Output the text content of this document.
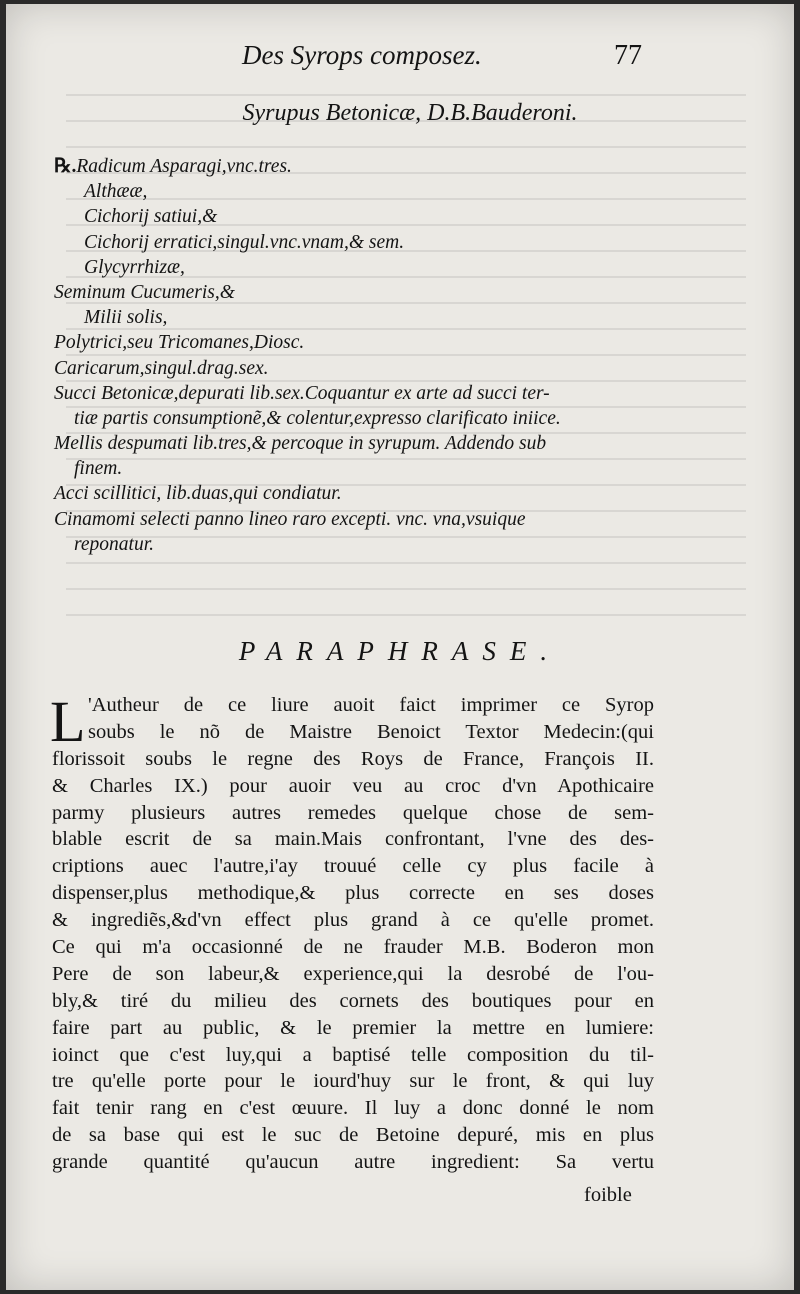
Des Syrops composez.	77
Syrupus Betonicæ, D.B.Bauderoni.
℞.Radicum Asparagi,vnc.tres.
Althææ,
Cichorij satiui,&
Cichorij erratici,singul.vnc.vnam,& sem.
Glycyrrhizæ,
Seminum Cucumeris,&
Milii solis,
Polytrici,seu Tricomanes,Diosc.
Caricarum,singul.drag.sex.
Succi Betonicæ,depurati lib.sex.Coquantur ex arte ad succi ter-
tiæ partis consumptionẽ,& colentur,expresso clarificato iniice.
Mellis despumati lib.tres,& percoque in syrupum. Addendo sub
finem.
Acci scillitici, lib.duas,qui condiatur.
Cinamomi selecti panno lineo raro excepti. vnc. vna,vsuique
reponatur.
PARAPHRASE.
L 'Autheur de ce liure auoit faict imprimer ce Syrop
soubs le nõ de Maistre Benoict Textor Medecin:(qui
florissoit soubs le regne des Roys de France, François II.
& Charles IX.) pour auoir veu au croc d'vn Apothicaire
parmy plusieurs autres remedes quelque chose de sem-
blable escrit de sa main.Mais confrontant, l'vne des des-
criptions auec l'autre,i'ay trouué celle cy plus facile à
dispenser,plus methodique,& plus correcte en ses doses
& ingrediẽs,&d'vn effect plus grand à ce qu'elle promet.
Ce qui m'a occasionné de ne frauder M.B. Boderon mon
Pere de son labeur,& experience,qui la desrobé de l'ou-
bly,& tiré du milieu des cornets des boutiques pour en
faire part au public, & le premier la mettre en lumiere:
ioinct que c'est luy,qui a baptisé telle composition du til-
tre qu'elle porte pour le iourd'huy sur le front, & qui luy
fait tenir rang en c'est œuure. Il luy a donc donné le nom
de sa base qui est le suc de Betoine depuré, mis en plus
grande quantité qu'aucun autre ingredient: Sa vertu
foible
